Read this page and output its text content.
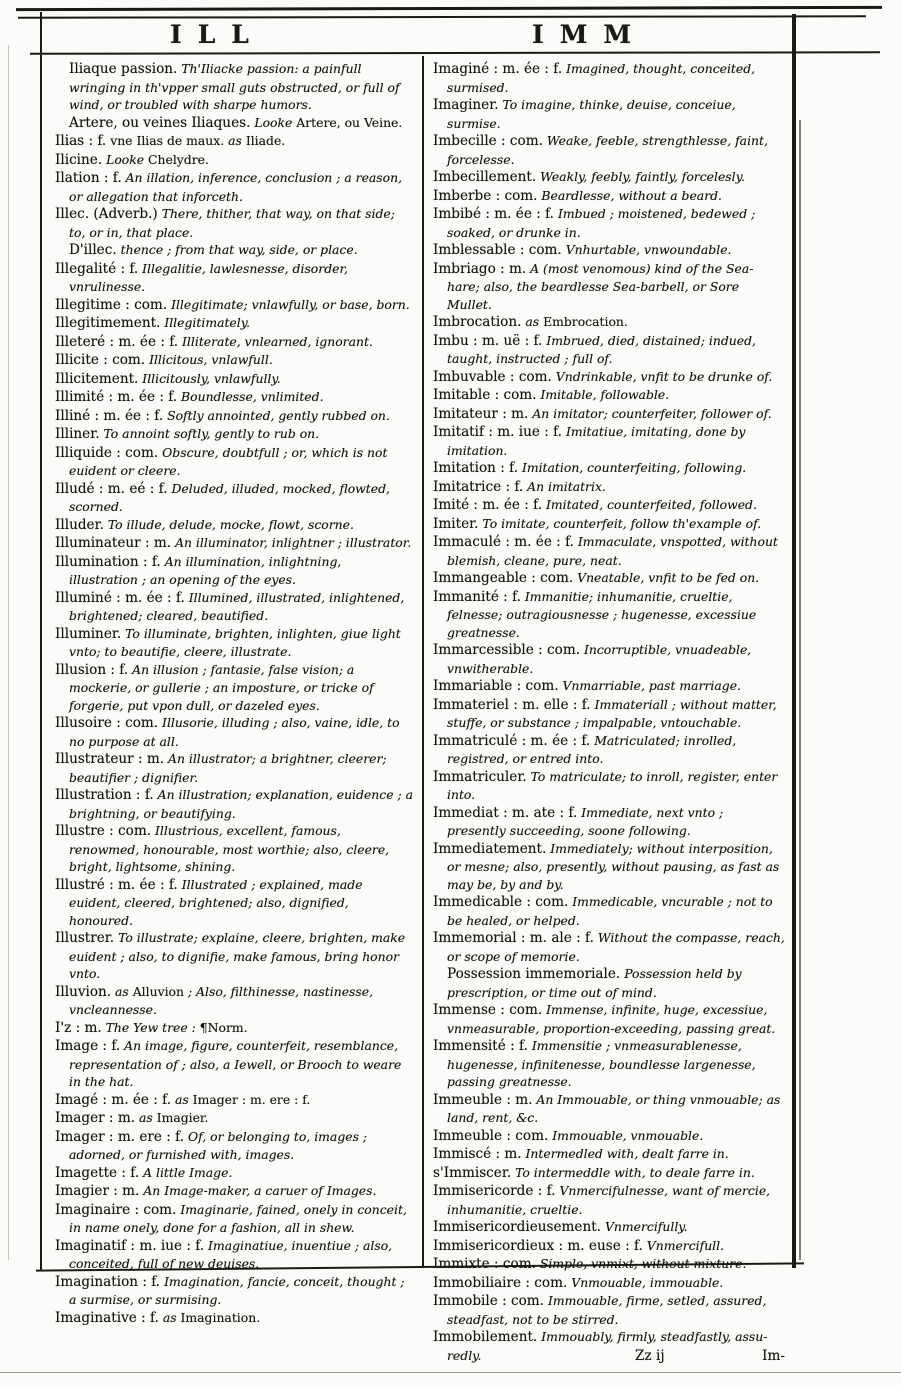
ILL	IMM

Iliaque passion. Th'Iliacke passion: a painfull wringing in th'vpper small guts obstructed, or full of wind, or troubled with sharpe humors.

Artere, ou veines Iliaques. Looke Artere, ou Veine.

Ilias : f. vne Ilias de maux. as Iliade.

Ilicine. Looke Chelydre.

Ilation : f. An illation, inference, conclusion ; a reason, or allegation that inforceth.

Illec. (Adverb.) There, thither, that way, on that side; to, or in, that place.

D'illec. thence ; from that way, side, or place.

Illegalité : f. Illegalitie, lawlesnesse, disorder, vnrulinesse.

Illegitime : com. Illegitimate; vnlawfully, or base, born.

Illegitimement. Illegitimately.

Illeteré : m. ée : f. Illiterate, vnlearned, ignorant.

Illicite : com. Illicitous, vnlawfull.

Illicitement. Illicitously, vnlawfully.

Illimité : m. ée : f. Boundlesse, vnlimited.

Illiné : m. ée : f. Softly annointed, gently rubbed on.

Illiner. To annoint softly, gently to rub on.

Illiquide : com. Obscure, doubtfull ; or, which is not euident or cleere.

Illudé : m. eé : f. Deluded, illuded, mocked, flowted, scorned.

Illuder. To illude, delude, mocke, flowt, scorne.

Illuminateur : m. An illuminator, inlightner ; illustrator.

Illumination : f. An illumination, inlightning, illustration ; an opening of the eyes.

Illuminé : m. ée : f. Illumined, illustrated, inlightened, brightened; cleared, beautified.

Illuminer. To illuminate, brighten, inlighten, giue light vnto; to beautifie, cleere, illustrate.

Illusion : f. An illusion ; fantasie, false vision; a mockerie, or gullerie ; an imposture, or tricke of forgerie, put vpon dull, or dazeled eyes.

Illusoire : com. Illusorie, illuding ; also, vaine, idle, to no purpose at all.

Illustrateur : m. An illustrator; a brightner, cleerer; beautifier ; dignifier.

Illustration : f. An illustration; explanation, euidence ; a brightning, or beautifying.

Illustre : com. Illustrious, excellent, famous, renowmed, honourable, most worthie; also, cleere, bright, lightsome, shining.

Illustré : m. ée : f. Illustrated ; explained, made euident, cleered, brightened; also, dignified, honoured.

Illustrer. To illustrate; explaine, cleere, brighten, make euident ; also, to dignifie, make famous, bring honor vnto.

Illuvion. as Alluvion ; Also, filthinesse, nastinesse, vncleannesse.

I'z : m. The Yew tree : ¶Norm.

Image : f. An image, figure, counterfeit, resemblance, representation of ; also, a Iewell, or Brooch to weare in the hat.

Imagé : m. ée : f. as Imager : m. ere : f.

Imager : m. as Imagier.

Imager : m. ere : f. Of, or belonging to, images ; adorned, or furnished with, images.

Imagette : f. A little Image.

Imagier : m. An Image-maker, a caruer of Images.

Imaginaire : com. Imaginarie, fained, onely in conceit, in name onely, done for a fashion, all in shew.

Imaginatif : m. iue : f. Imaginatiue, inuentiue ; also, conceited, full of new deuises.

Imagination : f. Imagination, fancie, conceit, thought ; a surmise, or surmising.

Imaginative : f. as Imagination.

Imaginé : m. ée : f. Imagined, thought, conceited, surmised.

Imaginer. To imagine, thinke, deuise, conceiue, surmise.

Imbecille : com. Weake, feeble, strengthlesse, faint, forcelesse.

Imbecillement. Weakly, feebly, faintly, forcelesly.

Imberbe : com. Beardlesse, without a beard.

Imbibé : m. ée : f. Imbued ; moistened, bedewed ; soaked, or drunke in.

Imblessable : com. Vnhurtable, vnwoundable.

Imbriago : m. A (most venomous) kind of the Sea-hare; also, the beardlesse Sea-barbell, or Sore Mullet.

Imbrocation. as Embrocation.

Imbu : m. uë : f. Imbrued, died, distained; indued, taught, instructed ; full of.

Imbuvable : com. Vndrinkable, vnfit to be drunke of.

Imitable : com. Imitable, followable.

Imitateur : m. An imitator; counterfeiter, follower of.

Imitatif : m. iue : f. Imitatiue, imitating, done by imitation.

Imitation : f. Imitation, counterfeiting, following.

Imitatrice : f. An imitatrix.

Imité : m. ée : f. Imitated, counterfeited, followed.

Imiter. To imitate, counterfeit, follow th'example of.

Immaculé : m. ée : f. Immaculate, vnspotted, without blemish, cleane, pure, neat.

Immangeable : com. Vneatable, vnfit to be fed on.

Immanité : f. Immanitie; inhumanitie, crueltie, felnesse; outragiousnesse ; hugenesse, excessiue greatnesse.

Immarcessible : com. Incorruptible, vnuadeable, vnwitherable.

Immariable : com. Vnmarriable, past marriage.

Immateriel : m. elle : f. Immateriall ; without matter, stuffe, or substance ; impalpable, vntouchable.

Immatriculé : m. ée : f. Matriculated; inrolled, registred, or entred into.

Immatriculer. To matriculate; to inroll, register, enter into.

Immediat : m. ate : f. Immediate, next vnto ; presently succeeding, soone following.

Immediatement. Immediately; without interposition, or mesne; also, presently, without pausing, as fast as may be, by and by.

Immedicable : com. Immedicable, vncurable ; not to be healed, or helped.

Immemorial : m. ale : f. Without the compasse, reach, or scope of memorie.

Possession immemoriale. Possession held by prescription, or time out of mind.

Immense : com. Immense, infinite, huge, excessiue, vnmeasurable, proportion-exceeding, passing great.

Immensité : f. Immensitie ; vnmeasurablenesse, hugenesse, infinitenesse, boundlesse largenesse, passing greatnesse.

Immeuble : m. An Immouable, or thing vnmouable; as land, rent, &c.

Immeuble : com. Immouable, vnmouable.

Immiscé : m. Intermedled with, dealt farre in.

s'Immiscer. To intermeddle with, to deale farre in.

Immisericorde : f. Vnmercifulnesse, want of mercie, inhumanitie, crueltie.

Immisericordieusement. Vnmercifully.

Immisericordieux : m. euse : f. Vnmercifull.

Immixte : com. Simple, vnmixt, without mixture.

Immobiliaire : com. Vnmouable, immouable.

Immobile : com. Immouable, firme, setled, assured, steadfast, not to be stirred.

Immobilement. Immouably, firmly, steadfastly, assu-

redly.	Zz ij	Im-
